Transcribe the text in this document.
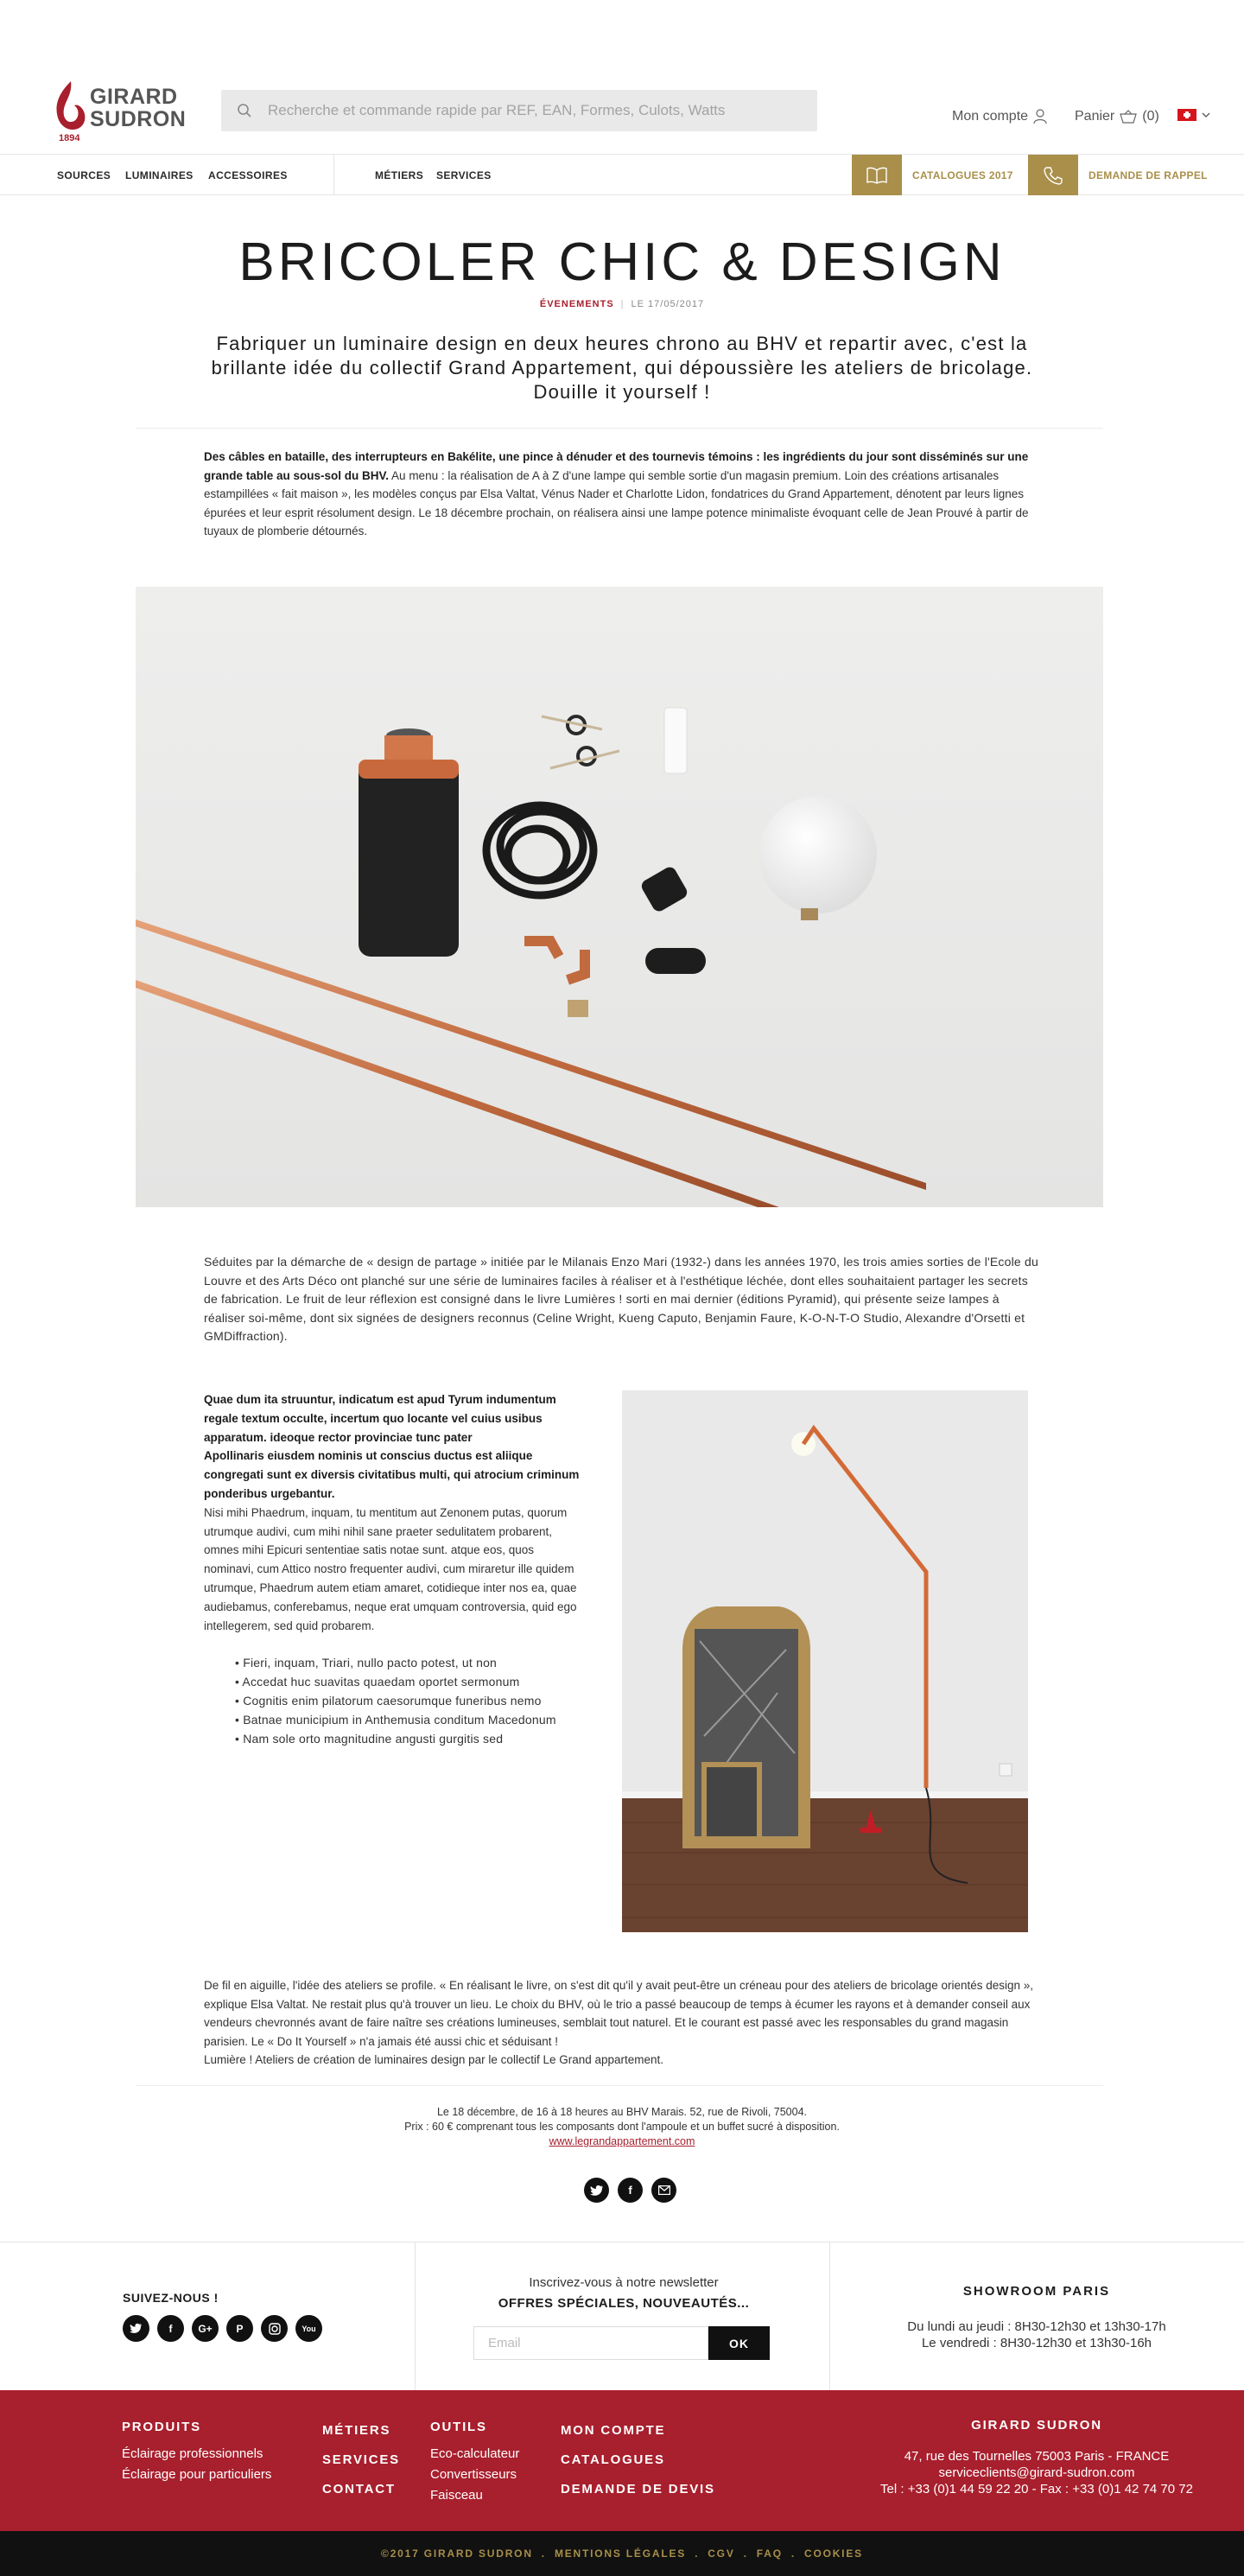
GIRARD
SUDRON
1894
Recherche et commande rapide par REF, EAN, Formes, Culots, Watts
Mon compte	Panier (0)
SOURCES LUMINAIRES ACCESSOIRES	MÉTIERS SERVICES	CATALOGUES 2017	DEMANDE DE RAPPEL
BRICOLER CHIC & DESIGN
ÉVENEMENTS | LE 17/05/2017

Fabriquer un luminaire design en deux heures chrono au BHV et repartir avec, c'est la brillante idée du collectif Grand Appartement, qui dépoussière les ateliers de bricolage. Douille it yourself !

Des câbles en bataille, des interrupteurs en Bakélite, une pince à dénuder et des tournevis témoins : les ingrédients du jour sont disséminés sur une grande table au sous-sol du BHV. Au menu : la réalisation de A à Z d'une lampe qui semble sortie d'un magasin premium. Loin des créations artisanales estampillées « fait maison », les modèles conçus par Elsa Valtat, Vénus Nader et Charlotte Lidon, fondatrices du Grand Appartement, dénotent par leurs lignes épurées et leur esprit résolument design. Le 18 décembre prochain, on réalisera ainsi une lampe potence minimaliste évoquant celle de Jean Prouvé à partir de tuyaux de plomberie détournés.

Séduites par la démarche de « design de partage » initiée par le Milanais Enzo Mari (1932-) dans les années 1970, les trois amies sorties de l'Ecole du Louvre et des Arts Déco ont planché sur une série de luminaires faciles à réaliser et à l'esthétique léchée, dont elles souhaitaient partager les secrets de fabrication. Le fruit de leur réflexion est consigné dans le livre Lumières ! sorti en mai dernier (éditions Pyramid), qui présente seize lampes à réaliser soi-même, dont six signées de designers reconnus (Celine Wright, Kueng Caputo, Benjamin Faure, K-O-N-T-O Studio, Alexandre d'Orsetti et GMDiffraction).

Quae dum ita struuntur, indicatum est apud Tyrum indumentum regale textum occulte, incertum quo locante vel cuius usibus apparatum. ideoque rector provinciae tunc pater
Apollinaris eiusdem nominis ut conscius ductus est aliique congregati sunt ex diversis civitatibus multi, qui atrocium criminum ponderibus urgebantur.
Nisi mihi Phaedrum, inquam, tu mentitum aut Zenonem putas, quorum utrumque audivi, cum mihi nihil sane praeter sedulitatem probarent, omnes mihi Epicuri sententiae satis notae sunt. atque eos, quos nominavi, cum Attico nostro frequenter audivi, cum miraretur ille quidem utrumque, Phaedrum autem etiam amaret, cotidieque inter nos ea, quae audiebamus, conferebamus, neque erat umquam controversia, quid ego intellegerem, sed quid probarem.
• Fieri, inquam, Triari, nullo pacto potest, ut non
• Accedat huc suavitas quaedam oportet sermonum
• Cognitis enim pilatorum caesorumque funeribus nemo
• Batnae municipium in Anthemusia conditum Macedonum
• Nam sole orto magnitudine angusti gurgitis sed

De fil en aiguille, l'idée des ateliers se profile. « En réalisant le livre, on s'est dit qu'il y avait peut-être un créneau pour des ateliers de bricolage orientés design », explique Elsa Valtat. Ne restait plus qu'à trouver un lieu. Le choix du BHV, où le trio a passé beaucoup de temps à écumer les rayons et à demander conseil aux vendeurs chevronnés avant de faire naître ses créations lumineuses, semblait tout naturel. Et le courant est passé avec les responsables du grand magasin parisien. Le « Do It Yourself » n'a jamais été aussi chic et séduisant !
Lumière ! Ateliers de création de luminaires design par le collectif Le Grand appartement.

Le 18 décembre, de 16 à 18 heures au BHV Marais. 52, rue de Rivoli, 75004.
Prix : 60 € comprenant tous les composants dont l'ampoule et un buffet sucré à disposition.
www.legrandappartement.com
f
SUIVEZ-NOUS !
f	G+	P	You
Inscrivez-vous à notre newsletter
OFFRES SPÉCIALES, NOUVEAUTÉS...
Email
OK
SHOWROOM PARIS
Du lundi au jeudi : 8H30-12h30 et 13h30-17h
Le vendredi : 8H30-12h30 et 13h30-16h
PRODUITS
Éclairage professionnels
Éclairage pour particuliers
MÉTIERS
SERVICES
CONTACT
OUTILS
Eco-calculateur
Convertisseurs
Faisceau
MON COMPTE
CATALOGUES
DEMANDE DE DEVIS
GIRARD SUDRON
47, rue des Tournelles 75003 Paris - FRANCE
serviceclients@girard-sudron.com
Tel : +33 (0)1 44 59 22 20 - Fax : +33 (0)1 42 74 70 72
©2017 GIRARD SUDRON . MENTIONS LÉGALES . CGV . FAQ . COOKIES
